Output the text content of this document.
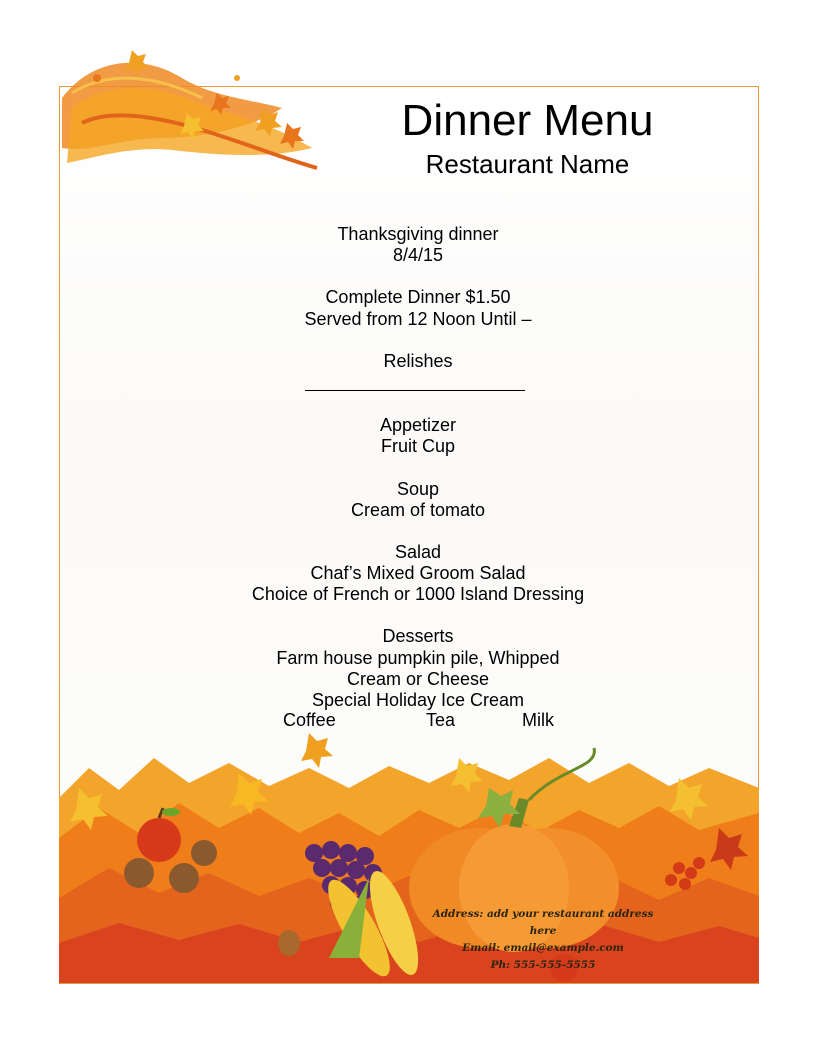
Dinner Menu
Restaurant Name
Thanksgiving dinner
8/4/15
Complete Dinner $1.50
Served from 12 Noon Until –
Relishes
Appetizer
Fruit Cup
Soup
Cream of tomato
Salad
Chaf’s Mixed Groom Salad
Choice of French or 1000 Island Dressing
Desserts
Farm house pumpkin pile, Whipped
Cream or Cheese
Special Holiday Ice Cream
Coffee	Tea	Milk
Address: add your restaurant address here
Email: email@example.com
Ph: 555-555-5555
